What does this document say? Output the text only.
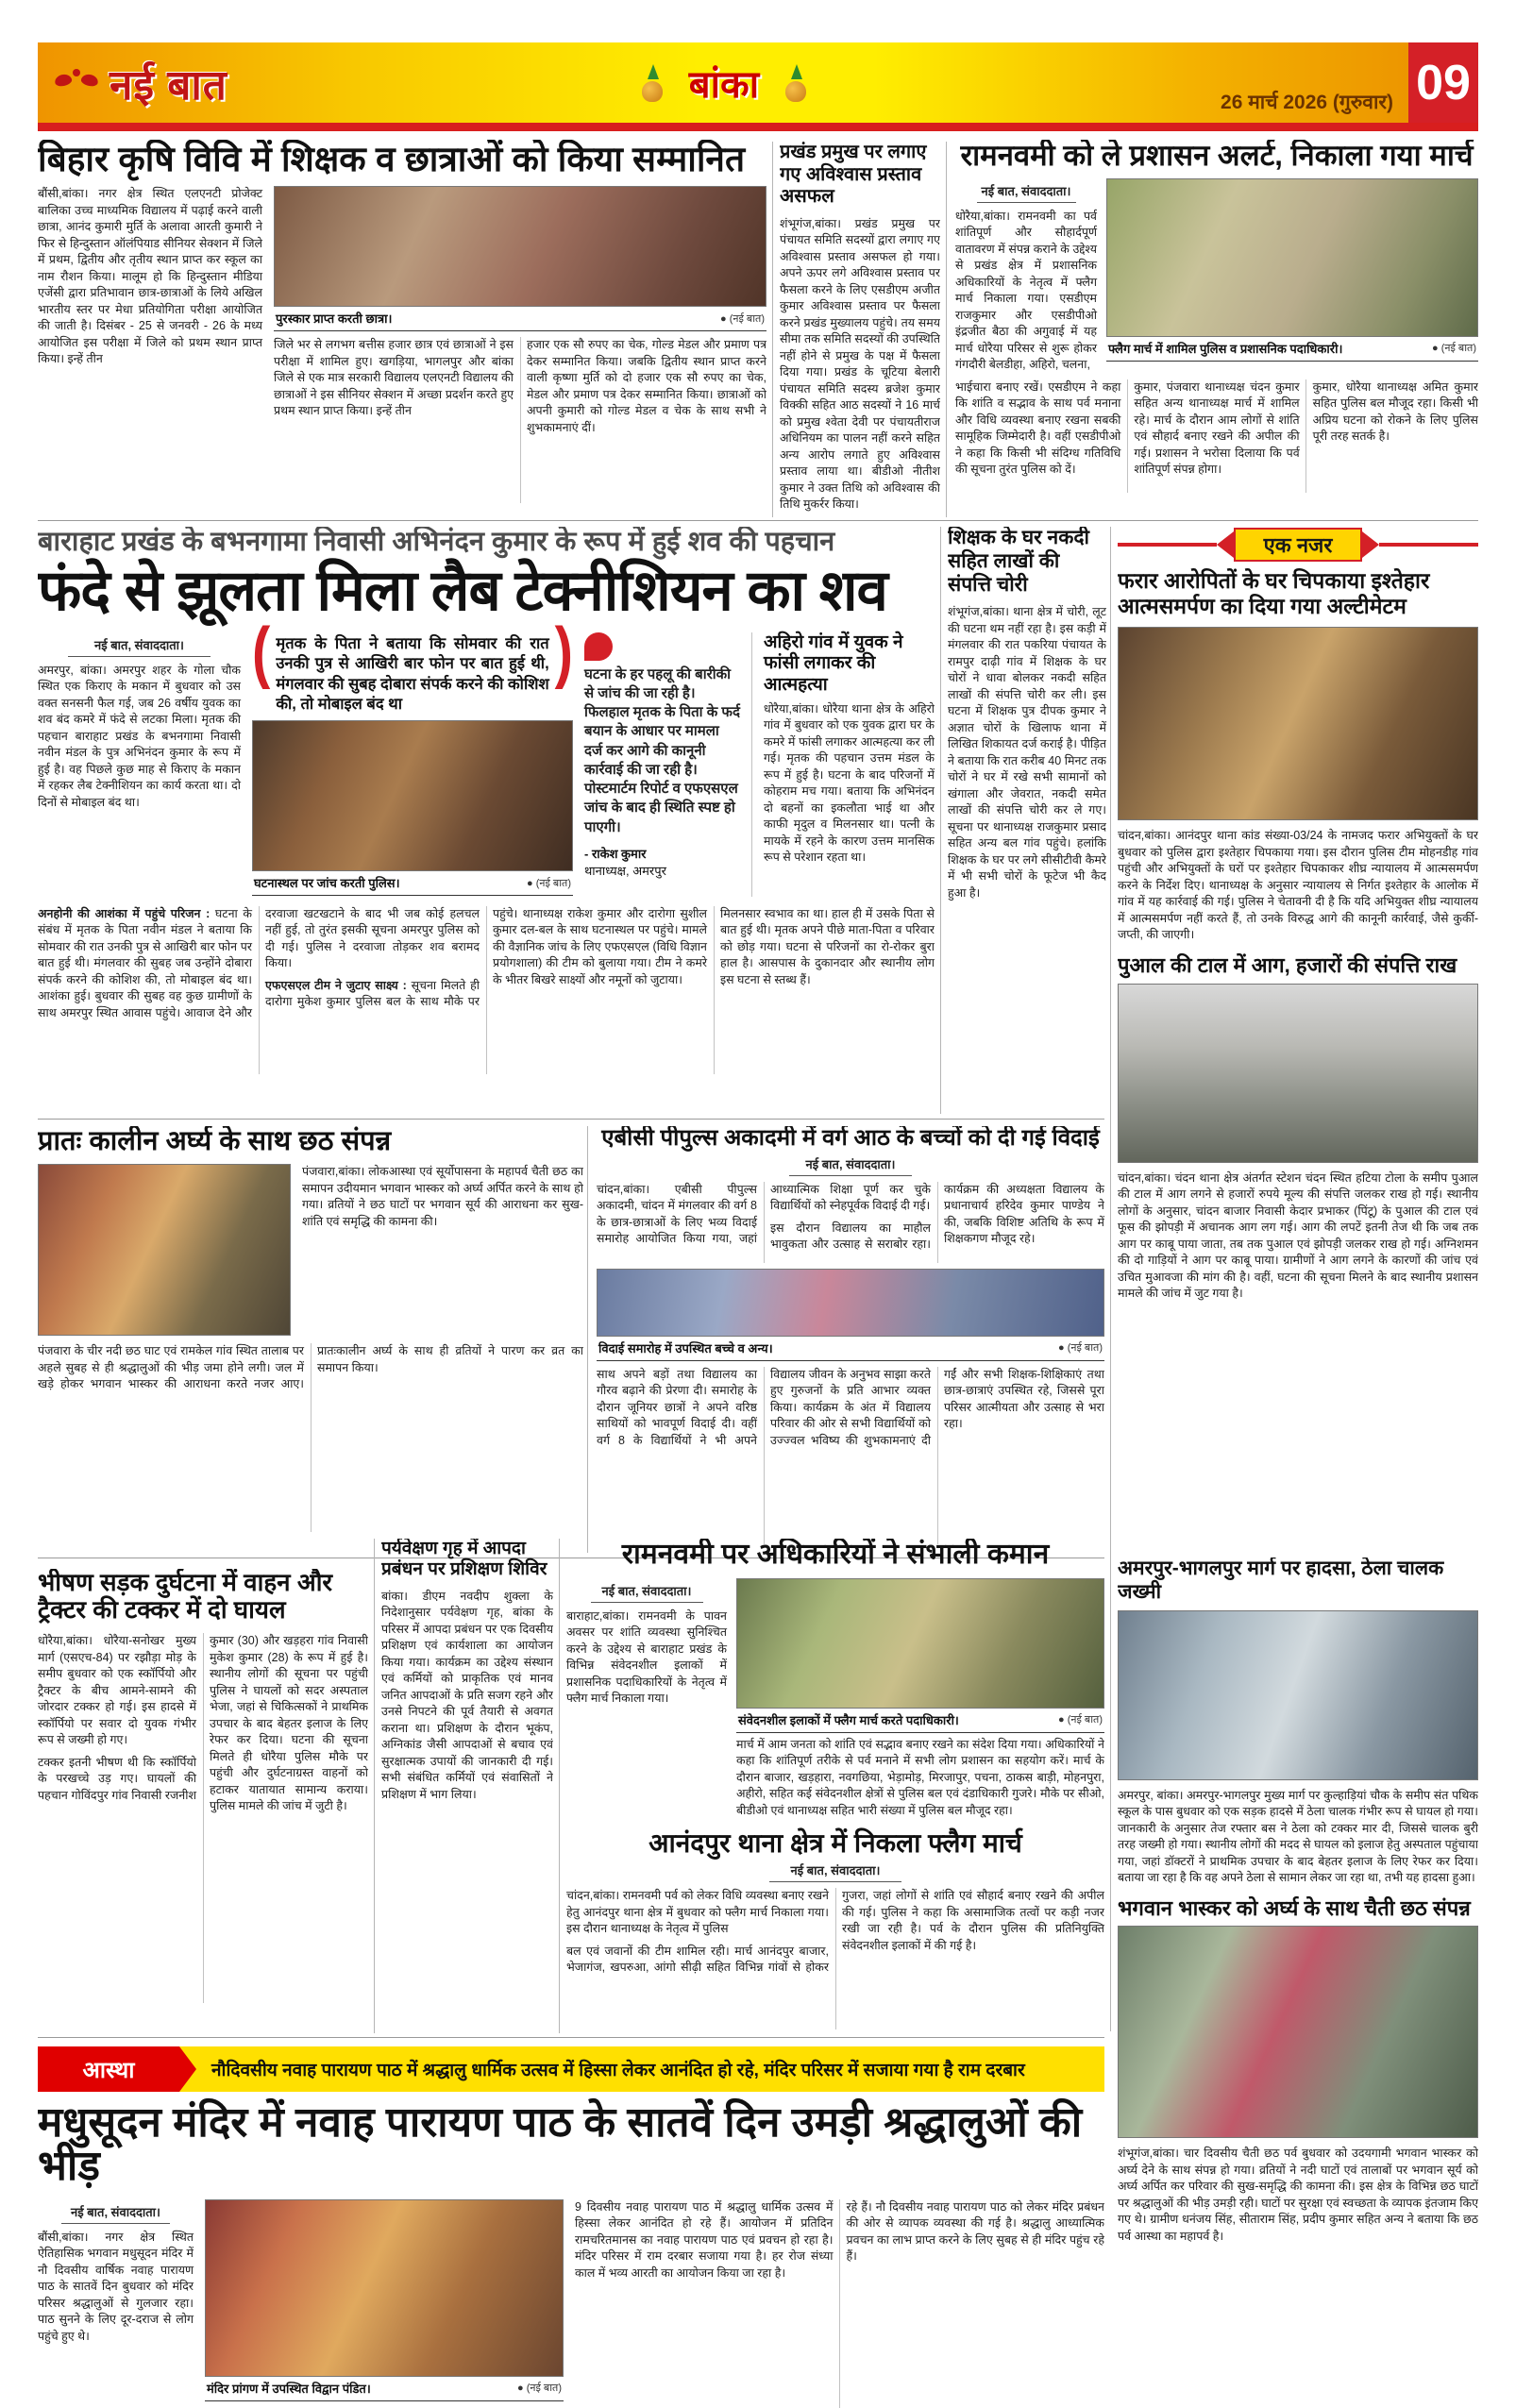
नई बात	बांका	26 मार्च 2026 (गुरुवार) 09
बिहार कृषि विवि में शिक्षक व छात्राओं को किया सम्मानित
बौंसी,बांका। नगर क्षेत्र स्थित एलएनटी प्रोजेक्ट बालिका उच्च माध्यमिक विद्यालय में पढ़ाई करने वाली छात्रा, आनंद कुमारी मुर्ति के अलावा आरती कुमारी ने फिर से हिन्दुस्तान ऑलंपियाड सीनियर सेक्शन में जिले में प्रथम, द्वितीय और तृतीय स्थान प्राप्त कर स्कूल का नाम रौशन किया। मालूम हो कि हिन्दुस्तान मीडिया एजेंसी द्वारा प्रतिभावान छात्र-छात्राओं के लिये अखिल भारतीय स्तर पर मेधा प्रतियोगिता परीक्षा आयोजित की जाती है। दिसंबर - 25 से जनवरी - 26 के मध्य आयोजित इस परीक्षा में जिले को प्रथम स्थान प्राप्त किया। इन्हें तीन
पुरस्कार प्राप्त करती छात्रा।	● (नई बात)
जिले भर से लगभग बत्तीस हजार छात्र एवं छात्राओं ने इस परीक्षा में शामिल हुए। खगड़िया, भागलपुर और बांका जिले से एक मात्र सरकारी विद्यालय एलएनटी विद्यालय की छात्राओं ने इस सीनियर सेक्शन में अच्छा प्रदर्शन करते हुए प्रथम स्थान प्राप्त किया। इन्हें तीन
हजार एक सौ रुपए का चेक, गोल्ड मेडल और प्रमाण पत्र देकर सम्मानित किया। जबकि द्वितीय स्थान प्राप्त करने वाली कृष्णा मुर्ति को दो हजार एक सौ रुपए का चेक, मेडल और प्रमाण पत्र देकर सम्मानित किया। छात्राओं को अपनी कुमारी को गोल्ड मेडल व चेक के साथ सभी ने शुभकामनाएं दीं।
प्रखंड प्रमुख पर लगाए गए अविश्वास प्रस्ताव असफल
शंभूगंज,बांका। प्रखंड प्रमुख पर पंचायत समिति सदस्यों द्वारा लगाए गए अविश्वास प्रस्ताव असफल हो गया। अपने ऊपर लगे अविश्वास प्रस्ताव पर फैसला करने के लिए एसडीएम अजीत कुमार अविश्वास प्रस्ताव पर फैसला करने प्रखंड मुख्यालय पहुंचे। तय समय सीमा तक समिति सदस्यों की उपस्थिति नहीं होने से प्रमुख के पक्ष में फैसला दिया गया। प्रखंड के चूटिया बेलारी पंचायत समिति सदस्य ब्रजेश कुमार विक्की सहित आठ सदस्यों ने 16 मार्च को प्रमुख श्वेता देवी पर पंचायतीराज अधिनियम का पालन नहीं करने सहित अन्य आरोप लगाते हुए अविश्वास प्रस्ताव लाया था। बीडीओ नीतीश कुमार ने उक्त तिथि को अविश्वास की तिथि मुकर्रर किया।
रामनवमी को ले प्रशासन अलर्ट, निकाला गया मार्च
नई बात, संवाददाता।
धोरैया,बांका। रामनवमी का पर्व शांतिपूर्ण और सौहार्दपूर्ण वातावरण में संपन्न कराने के उद्देश्य से प्रखंड क्षेत्र में प्रशासनिक अधिकारियों के नेतृत्व में फ्लैग मार्च निकाला गया। एसडीएम राजकुमार और एसडीपीओ इंद्रजीत बैठा की अगुवाई में यह मार्च धोरैया परिसर से शुरू होकर गंगदौरी बेलडीहा, अहिरो, चलना,
फ्लैग मार्च में शामिल पुलिस व प्रशासनिक पदाधिकारी।	● (नई बात)
भाईचारा बनाए रखें। एसडीएम ने कहा कि शांति व सद्भाव के साथ पर्व मनाना और विधि व्यवस्था बनाए रखना सबकी सामूहिक जिम्मेदारी है। वहीं एसडीपीओ ने कहा कि किसी भी संदिग्ध गतिविधि की सूचना तुरंत पुलिस को दें।
कुमार, पंजवारा थानाध्यक्ष चंदन कुमार सहित अन्य थानाध्यक्ष मार्च में शामिल रहे। मार्च के दौरान आम लोगों से शांति एवं सौहार्द बनाए रखने की अपील की गई। प्रशासन ने भरोसा दिलाया कि पर्व शांतिपूर्ण संपन्न होगा।
कुमार, धोरैया थानाध्यक्ष अमित कुमार सहित पुलिस बल मौजूद रहा। किसी भी अप्रिय घटना को रोकने के लिए पुलिस पूरी तरह सतर्क है।
बाराहाट प्रखंड के बभनगामा निवासी अभिनंदन कुमार के रूप में हुई शव की पहचान
फंदे से झूलता मिला लैब टेक्नीशियन का शव
नई बात, संवाददाता।
अमरपुर, बांका। अमरपुर शहर के गोला चौक स्थित एक किराए के मकान में बुधवार को उस वक्त सनसनी फैल गई, जब 26 वर्षीय युवक का शव बंद कमरे में फंदे से लटका मिला। मृतक की पहचान बाराहाट प्रखंड के बभनगामा निवासी नवीन मंडल के पुत्र अभिनंदन कुमार के रूप में हुई है। वह पिछले कुछ माह से किराए के मकान में रहकर लैब टेक्नीशियन का कार्य करता था। दो दिनों से मोबाइल बंद था।
( मृतक के पिता ने बताया कि सोमवार की रात उनकी पुत्र से आखिरी बार फोन पर बात हुई थी, मंगलवार की सुबह दोबारा संपर्क करने की कोशिश की, तो मोबाइल बंद था
)
घटनास्थल पर जांच करती पुलिस।	● (नई बात)
घटना के हर पहलू की बारीकी से जांच की जा रही है। फिलहाल मृतक के पिता के फर्द बयान के आधार पर मामला दर्ज कर आगे की कानूनी कार्रवाई की जा रही है। पोस्टमार्टम रिपोर्ट व एफएसएल जांच के बाद ही स्थिति स्पष्ट हो पाएगी।
- राकेश कुमार
थानाध्यक्ष, अमरपुर
अहिरो गांव में युवक ने फांसी लगाकर की आत्महत्या
धोरैया,बांका। धोरैया थाना क्षेत्र के अहिरो गांव में बुधवार को एक युवक द्वारा घर के कमरे में फांसी लगाकर आत्महत्या कर ली गई। मृतक की पहचान उत्तम मंडल के रूप में हुई है। घटना के बाद परिजनों में कोहराम मच गया। बताया कि अभिनंदन दो बहनों का इकलौता भाई था और काफी मृदुल व मिलनसार था। पत्नी के मायके में रहने के कारण उत्तम मानसिक रूप से परेशान रहता था।
अनहोनी की आशंका में पहुंचे परिजन : घटना के संबंध में मृतक के पिता नवीन मंडल ने बताया कि सोमवार की रात उनकी पुत्र से आखिरी बार फोन पर बात हुई थी। मंगलवार की सुबह जब उन्होंने दोबारा संपर्क करने की कोशिश की, तो मोबाइल बंद था। आशंका हुई। बुधवार की सुबह वह कुछ ग्रामीणों के साथ अमरपुर स्थित आवास पहुंचे। आवाज देने और दरवाजा खटखटाने के बाद भी जब कोई हलचल नहीं हुई, तो तुरंत इसकी सूचना अमरपुर पुलिस को दी गई। पुलिस ने दरवाजा तोड़कर शव बरामद किया।
एफएसएल टीम ने जुटाए साक्ष्य : सूचना मिलते ही दारोगा मुकेश कुमार पुलिस बल के साथ मौके पर पहुंचे। थानाध्यक्ष राकेश कुमार और दारोगा सुशील कुमार दल-बल के साथ घटनास्थल पर पहुंचे। मामले की वैज्ञानिक जांच के लिए एफएसएल (विधि विज्ञान प्रयोगशाला) की टीम को बुलाया गया। टीम ने कमरे के भीतर बिखरे साक्ष्यों और नमूनों को जुटाया।
मिलनसार स्वभाव का था। हाल ही में उसके पिता से बात हुई थी। मृतक अपने पीछे माता-पिता व परिवार को छोड़ गया। घटना से परिजनों का रो-रोकर बुरा हाल है। आसपास के दुकानदार और स्थानीय लोग इस घटना से स्तब्ध हैं।
शिक्षक के घर नकदी सहित लाखों की संपत्ति चोरी
शंभूगंज,बांका। थाना क्षेत्र में चोरी, लूट की घटना थम नहीं रहा है। इस कड़ी में मंगलवार की रात पकरिया पंचायत के रामपुर दाढ़ी गांव में शिक्षक के घर चोरों ने धावा बोलकर नकदी सहित लाखों की संपत्ति चोरी कर ली। इस घटना में शिक्षक पुत्र दीपक कुमार ने अज्ञात चोरों के खिलाफ थाना में लिखित शिकायत दर्ज कराई है। पीड़ित ने बताया कि रात करीब 40 मिनट तक चोरों ने घर में रखे सभी सामानों को खंगाला और जेवरात, नकदी समेत लाखों की संपत्ति चोरी कर ले गए। सूचना पर थानाध्यक्ष राजकुमार प्रसाद सहित अन्य बल गांव पहुंचे। हलांकि शिक्षक के घर पर लगे सीसीटीवी कैमरे में भी सभी चोरों के फूटेज भी कैद हुआ है।
एक नजर
फरार आरोपितों के घर चिपकाया इश्तेहार आत्मसमर्पण का दिया गया अल्टीमेटम
चांदन,बांका। आनंदपुर थाना कांड संख्या-03/24 के नामजद फरार अभियुक्तों के घर बुधवार को पुलिस द्वारा इश्तेहार चिपकाया गया। इस दौरान पुलिस टीम मोहनडीह गांव पहुंची और अभियुक्तों के घरों पर इश्तेहार चिपकाकर शीघ्र न्यायालय में आत्मसमर्पण करने के निर्देश दिए। थानाध्यक्ष के अनुसार न्यायालय से निर्गत इश्तेहार के आलोक में गांव में यह कार्रवाई की गई। पुलिस ने चेतावनी दी है कि यदि अभियुक्त शीघ्र न्यायालय में आत्मसमर्पण नहीं करते हैं, तो उनके विरुद्ध आगे की कानूनी कार्रवाई, जैसे कुर्की-जप्ती, की जाएगी।
पुआल की टाल में आग, हजारों की संपत्ति राख
चांदन,बांका। चंदन थाना क्षेत्र अंतर्गत स्टेशन चंदन स्थित हटिया टोला के समीप पुआल की टाल में आग लगने से हजारों रुपये मूल्य की संपत्ति जलकर राख हो गई। स्थानीय लोगों के अनुसार, चांदन बाजार निवासी केदार प्रभाकर (पिंटू) के पुआल की टाल एवं फूस की झोपड़ी में अचानक आग लग गई। आग की लपटें इतनी तेज थी कि जब तक आग पर काबू पाया जाता, तब तक पुआल एवं झोपड़ी जलकर राख हो गई। अग्निशमन की दो गाड़ियों ने आग पर काबू पाया। ग्रामीणों ने आग लगने के कारणों की जांच एवं उचित मुआवजा की मांग की है। वहीं, घटना की सूचना मिलने के बाद स्थानीय प्रशासन मामले की जांच में जुट गया है।
प्रातः कालीन अर्घ्य के साथ छठ संपन्न
पंजवारा,बांका। लोकआस्था एवं सूर्योपासना के महापर्व चैती छठ का समापन उदीयमान भगवान भास्कर को अर्घ्य अर्पित करने के साथ हो गया। व्रतियों ने छठ घाटों पर भगवान सूर्य की आराधना कर सुख-शांति एवं समृद्धि की कामना की।
पंजवारा के चीर नदी छठ घाट एवं रामकेल गांव स्थित तालाब पर अहले सुबह से ही श्रद्धालुओं की भीड़ जमा होने लगी। जल में खड़े होकर भगवान भास्कर की आराधना करते नजर आए। प्रातःकालीन अर्घ्य के साथ ही व्रतियों ने पारण कर व्रत का समापन किया।
एबीसी पीपुल्स अकादमी में वर्ग आठ के बच्चों को दी गई विदाई
नई बात, संवाददाता।
चांदन,बांका। एबीसी पीपुल्स अकादमी, चांदन में मंगलवार की वर्ग 8 के छात्र-छात्राओं के लिए भव्य विदाई समारोह आयोजित किया गया, जहां आध्यात्मिक शिक्षा पूर्ण कर चुके विद्यार्थियों को स्नेहपूर्वक विदाई दी गई।
इस दौरान विद्यालय का माहौल भावुकता और उत्साह से सराबोर रहा। कार्यक्रम की अध्यक्षता विद्यालय के प्रधानाचार्य हरिदेव कुमार पाण्डेय ने की, जबकि विशिष्ट अतिथि के रूप में शिक्षकगण मौजूद रहे।
विदाई समारोह में उपस्थित बच्चे व अन्य।	● (नई बात)
साथ अपने बड़ों तथा विद्यालय का गौरव बढ़ाने की प्रेरणा दी। समारोह के दौरान जूनियर छात्रों ने अपने वरिष्ठ साथियों को भावपूर्ण विदाई दी। वहीं वर्ग 8 के विद्यार्थियों ने भी अपने विद्यालय जीवन के अनुभव साझा करते हुए गुरुजनों के प्रति आभार व्यक्त किया। कार्यक्रम के अंत में विद्यालय परिवार की ओर से सभी विद्यार्थियों को उज्ज्वल भविष्य की शुभकामनाएं दी गईं और सभी शिक्षक-शिक्षिकाएं तथा छात्र-छात्राएं उपस्थित रहे, जिससे पूरा परिसर आत्मीयता और उत्साह से भरा रहा।
भीषण सड़क दुर्घटना में वाहन और ट्रैक्टर की टक्कर में दो घायल
धोरैया,बांका। धोरैया-सनोखर मुख्य मार्ग (एसएच-84) पर रझौड़ा मोड़ के समीप बुधवार को एक स्कॉर्पियो और ट्रैक्टर के बीच आमने-सामने की जोरदार टक्कर हो गई। इस हादसे में स्कॉर्पियो पर सवार दो युवक गंभीर रूप से जख्मी हो गए।
टक्कर इतनी भीषण थी कि स्कॉर्पियो के परखच्चे उड़ गए। घायलों की पहचान गोविंदपुर गांव निवासी रजनीश कुमार (30) और खड़हरा गांव निवासी मुकेश कुमार (28) के रूप में हुई है। स्थानीय लोगों की सूचना पर पहुंची पुलिस ने घायलों को सदर अस्पताल भेजा, जहां से चिकित्सकों ने प्राथमिक उपचार के बाद बेहतर इलाज के लिए रेफर कर दिया। घटना की सूचना मिलते ही धोरैया पुलिस मौके पर पहुंची और दुर्घटनाग्रस्त वाहनों को हटाकर यातायात सामान्य कराया। पुलिस मामले की जांच में जुटी है।
पर्यवेक्षण गृह में आपदा प्रबंधन पर प्रशिक्षण शिविर
बांका। डीएम नवदीप शुक्ला के निदेशानुसार पर्यवेक्षण गृह, बांका के परिसर में आपदा प्रबंधन पर एक दिवसीय प्रशिक्षण एवं कार्यशाला का आयोजन किया गया। कार्यक्रम का उद्देश्य संस्थान एवं कर्मियों को प्राकृतिक एवं मानव जनित आपदाओं के प्रति सजग रहने और उनसे निपटने की पूर्व तैयारी से अवगत कराना था। प्रशिक्षण के दौरान भूकंप, अग्निकांड जैसी आपदाओं से बचाव एवं सुरक्षात्मक उपायों की जानकारी दी गई। सभी संबंधित कर्मियों एवं संवासितों ने प्रशिक्षण में भाग लिया।
रामनवमी पर अधिकारियों ने संभाली कमान
नई बात, संवाददाता।
बाराहाट,बांका। रामनवमी के पावन अवसर पर शांति व्यवस्था सुनिश्चित करने के उद्देश्य से बाराहाट प्रखंड के विभिन्न संवेदनशील इलाकों में प्रशासनिक पदाधिकारियों के नेतृत्व में फ्लैग मार्च निकाला गया।
संवेदनशील इलाकों में फ्लैग मार्च करते पदाधिकारी।	● (नई बात)
मार्च में आम जनता को शांति एवं सद्भाव बनाए रखने का संदेश दिया गया। अधिकारियों ने कहा कि शांतिपूर्ण तरीके से पर्व मनाने में सभी लोग प्रशासन का सहयोग करें। मार्च के दौरान बाजार, खड़हारा, नवगछिया, भेड़ामोड़, मिरजापुर, पचना, ठाकस बाड़ी, मोहनपुरा, अहीरो, सहित कई संवेदनशील क्षेत्रों से पुलिस बल एवं दंडाधिकारी गुजरे। मौके पर सीओ, बीडीओ एवं थानाध्यक्ष सहित भारी संख्या में पुलिस बल मौजूद रहा।
आनंदपुर थाना क्षेत्र में निकला फ्लैग मार्च
नई बात, संवाददाता।
चांदन,बांका। रामनवमी पर्व को लेकर विधि व्यवस्था बनाए रखने हेतु आनंदपुर थाना क्षेत्र में बुधवार को फ्लैग मार्च निकाला गया। इस दौरान थानाध्यक्ष के नेतृत्व में पुलिस
बल एवं जवानों की टीम शामिल रही। मार्च आनंदपुर बाजार, भेजागंज, खपरुआ, आंगो सीढ़ी सहित विभिन्न गांवों से होकर गुजरा, जहां लोगों से शांति एवं सौहार्द बनाए रखने की अपील की गई। पुलिस ने कहा कि असामाजिक तत्वों पर कड़ी नजर रखी जा रही है। पर्व के दौरान पुलिस की प्रतिनियुक्ति संवेदनशील इलाकों में की गई है।
अमरपुर-भागलपुर मार्ग पर हादसा, ठेला चालक जख्मी
अमरपुर, बांका। अमरपुर-भागलपुर मुख्य मार्ग पर कुल्हाड़ियां चौक के समीप संत पथिक स्कूल के पास बुधवार को एक सड़क हादसे में ठेला चालक गंभीर रूप से घायल हो गया। जानकारी के अनुसार तेज रफ्तार बस ने ठेला को टक्कर मार दी, जिससे चालक बुरी तरह जख्मी हो गया। स्थानीय लोगों की मदद से घायल को इलाज हेतु अस्पताल पहुंचाया गया, जहां डॉक्टरों ने प्राथमिक उपचार के बाद बेहतर इलाज के लिए रेफर कर दिया। बताया जा रहा है कि वह अपने ठेला से सामान लेकर जा रहा था, तभी यह हादसा हुआ।
भगवान भास्कर को अर्घ्य के साथ चैती छठ संपन्न
शंभूगंज,बांका। चार दिवसीय चैती छठ पर्व बुधवार को उदयगामी भगवान भास्कर को अर्घ्य देने के साथ संपन्न हो गया। व्रतियों ने नदी घाटों एवं तालाबों पर भगवान सूर्य को अर्घ्य अर्पित कर परिवार की सुख-समृद्धि की कामना की। इस क्षेत्र के विभिन्न छठ घाटों पर श्रद्धालुओं की भीड़ उमड़ी रही। घाटों पर सुरक्षा एवं स्वच्छता के व्यापक इंतजाम किए गए थे। ग्रामीण धनंजय सिंह, सीताराम सिंह, प्रदीप कुमार सहित अन्य ने बताया कि छठ पर्व आस्था का महापर्व है।
आस्था	नौदिवसीय नवाह पारायण पाठ में श्रद्धालु धार्मिक उत्सव में हिस्सा लेकर आनंदित हो रहे, मंदिर परिसर में सजाया गया है राम दरबार
मधुसूदन मंदिर में नवाह पारायण पाठ के सातवें दिन उमड़ी श्रद्धालुओं की भीड़
नई बात, संवाददाता।
बौंसी,बांका। नगर क्षेत्र स्थित ऐतिहासिक भगवान मधुसूदन मंदिर में नौ दिवसीय वार्षिक नवाह पारायण पाठ के सातवें दिन बुधवार को मंदिर परिसर श्रद्धालुओं से गुलजार रहा। पाठ सुनने के लिए दूर-दराज से लोग पहुंचे हुए थे।
मंदिर प्रांगण में उपस्थित विद्वान पंडित।	● (नई बात)
9 दिवसीय नवाह पारायण पाठ में श्रद्धालु धार्मिक उत्सव में हिस्सा लेकर आनंदित हो रहे हैं। आयोजन में प्रतिदिन रामचरितमानस का नवाह पारायण पाठ एवं प्रवचन हो रहा है। मंदिर परिसर में राम दरबार सजाया गया है। हर रोज संध्या काल में भव्य आरती का आयोजन किया जा रहा है।
रहे हैं। नौ दिवसीय नवाह पारायण पाठ को लेकर मंदिर प्रबंधन की ओर से व्यापक व्यवस्था की गई है। श्रद्धालु आध्यात्मिक प्रवचन का लाभ प्राप्त करने के लिए सुबह से ही मंदिर पहुंच रहे हैं।
